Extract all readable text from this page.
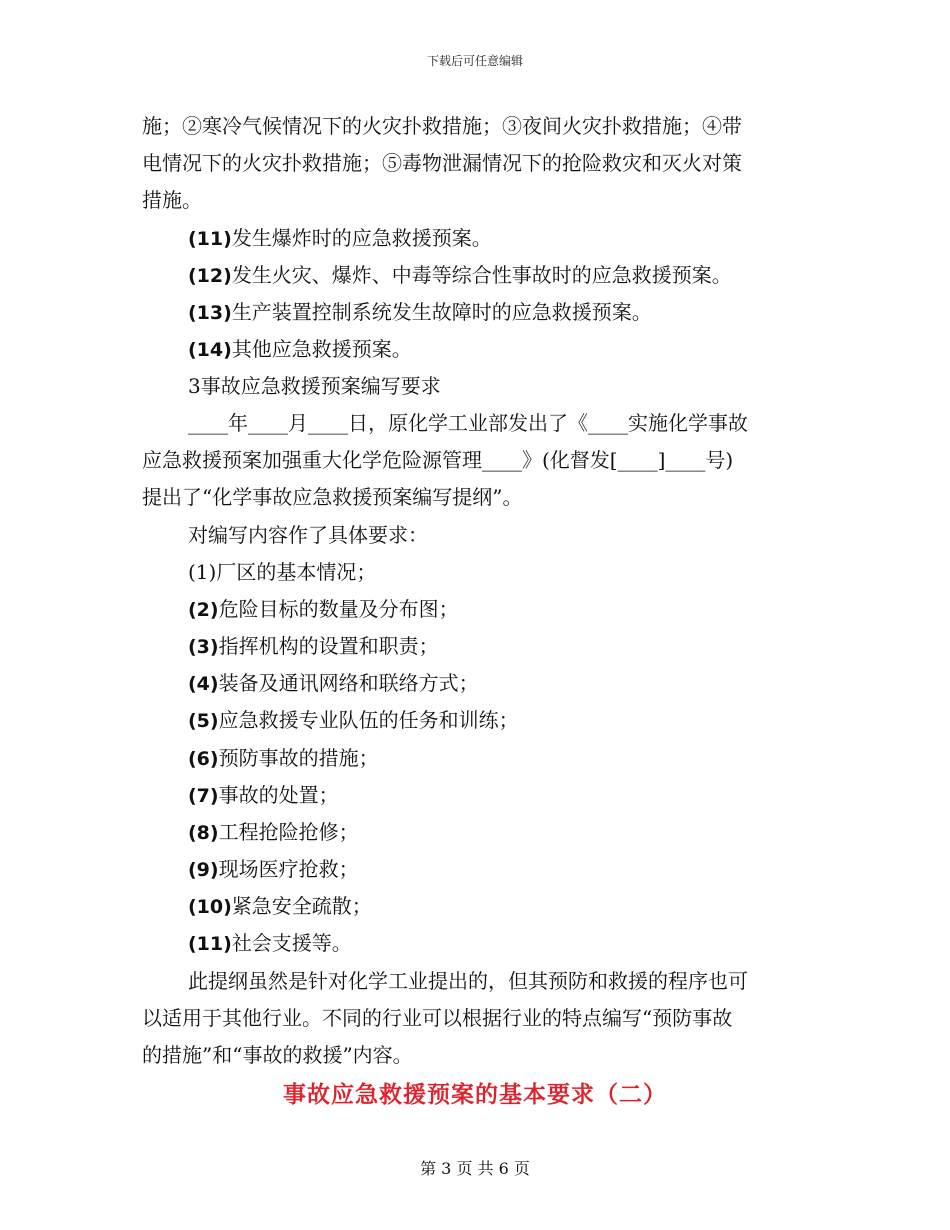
下载后可任意编辑
施；②寒冷气候情况下的火灾扑救措施；③夜间火灾扑救措施；④带
电情况下的火灾扑救措施；⑤毒物泄漏情况下的抢险救灾和灭火对策
措施。
(11)发生爆炸时的应急救援预案。
(12)发生火灾、爆炸、中毒等综合性事故时的应急救援预案。
(13)生产装置控制系统发生故障时的应急救援预案。
(14)其他应急救援预案。
3事故应急救援预案编写要求
____年____月____日，原化学工业部发出了《____实施化学事故
应急救援预案加强重大化学危险源管理____》(化督发[____]____号)
提出了“化学事故应急救援预案编写提纲”。
对编写内容作了具体要求：
(1)厂区的基本情况；
(2)危险目标的数量及分布图；
(3)指挥机构的设置和职责；
(4)装备及通讯网络和联络方式；
(5)应急救援专业队伍的任务和训练；
(6)预防事故的措施；
(7)事故的处置；
(8)工程抢险抢修；
(9)现场医疗抢救；
(10)紧急安全疏散；
(11)社会支援等。
此提纲虽然是针对化学工业提出的，但其预防和救援的程序也可
以适用于其他行业。不同的行业可以根据行业的特点编写“预防事故
的措施”和“事故的救援”内容。
事故应急救援预案的基本要求（二）
第 3 页 共 6 页
